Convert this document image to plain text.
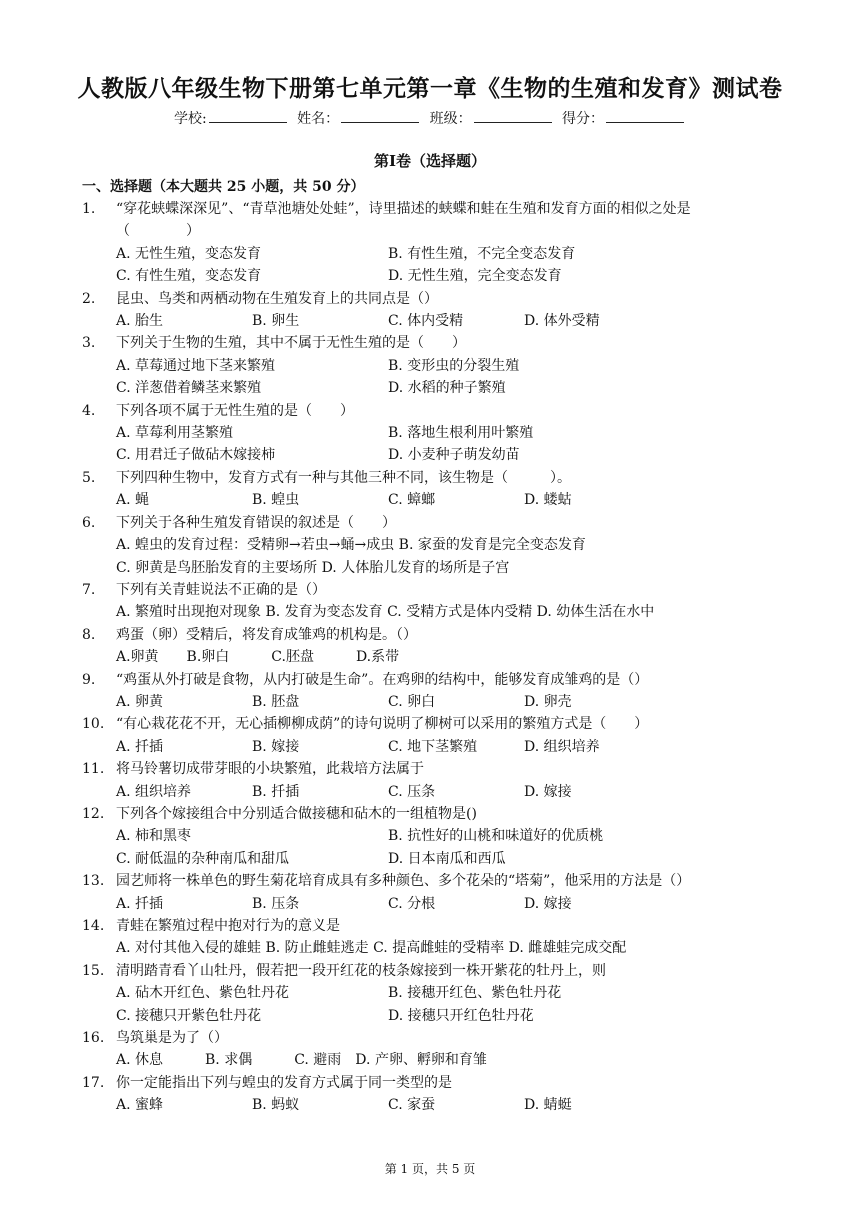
人教版八年级生物下册第七单元第一章《生物的生殖和发育》测试卷
学校:	姓名：	班级：	得分：
第Ⅰ卷（选择题）
一、选择题（本大题共 25 小题，共 50 分）
1.	“穿花蛱蝶深深见”、“青草池塘处处蛙”，诗里描述的蛱蝶和蛙在生殖和发育方面的相似之处是
（　　　　）
A. 无性生殖，变态发育	B. 有性生殖，不完全变态发育
C. 有性生殖，变态发育	D. 无性生殖，完全变态发育
2.	昆虫、鸟类和两栖动物在生殖发育上的共同点是（）
A. 胎生	B. 卵生	C. 体内受精	D. 体外受精
3.	下列关于生物的生殖，其中不属于无性生殖的是（　　）
A. 草莓通过地下茎来繁殖	B. 变形虫的分裂生殖
C. 洋葱借着鳞茎来繁殖	D. 水稻的种子繁殖
4.	下列各项不属于无性生殖的是（　　）
A. 草莓利用茎繁殖	B. 落地生根利用叶繁殖
C. 用君迁子做砧木嫁接柿	D. 小麦种子萌发幼苗
5.	下列四种生物中，发育方式有一种与其他三种不同，该生物是（　　　）。
A. 蝇	B. 蝗虫	C. 蟑螂	D. 蝼蛄
6.	下列关于各种生殖发育错误的叙述是（　　）
A. 蝗虫的发育过程：受精卵→若虫→蛹→成虫 B. 家蚕的发育是完全变态发育
C. 卵黄是鸟胚胎发育的主要场所 D. 人体胎儿发育的场所是子宫
7.	下列有关青蛙说法不正确的是（）
A. 繁殖时出现抱对现象 B. 发育为变态发育 C. 受精方式是体内受精 D. 幼体生活在水中
8.	鸡蛋（卵）受精后，将发育成雏鸡的机构是。（）
A.卵黄　　B.卵白　　　C.胚盘　　　D.系带
9.	“鸡蛋从外打破是食物，从内打破是生命”。在鸡卵的结构中，能够发育成雏鸡的是（）
A. 卵黄	B. 胚盘	C. 卵白	D. 卵壳
10. “有心栽花花不开，无心插柳柳成荫”的诗句说明了柳树可以采用的繁殖方式是（　　）
A. 扦插	B. 嫁接	C. 地下茎繁殖	D. 组织培养
11. 将马铃薯切成带芽眼的小块繁殖，此栽培方法属于
A. 组织培养	B. 扦插	C. 压条	D. 嫁接
12. 下列各个嫁接组合中分别适合做接穗和砧木的一组植物是()
A. 柿和黑枣	B. 抗性好的山桃和味道好的优质桃
C. 耐低温的杂种南瓜和甜瓜	D. 日本南瓜和西瓜
13. 园艺师将一株单色的野生菊花培育成具有多种颜色、多个花朵的“塔菊”，他采用的方法是（）
A. 扦插	B. 压条	C. 分根	D. 嫁接
14. 青蛙在繁殖过程中抱对行为的意义是
A. 对付其他入侵的雄蛙 B. 防止雌蛙逃走 C. 提高雌蛙的受精率 D. 雌雄蛙完成交配
15. 清明踏青看丫山牡丹，假若把一段开红花的枝条嫁接到一株开紫花的牡丹上，则
A. 砧木开红色、紫色牡丹花	B. 接穗开红色、紫色牡丹花
C. 接穗只开紫色牡丹花	D. 接穗只开红色牡丹花
16. 鸟筑巢是为了（）
A. 休息　　　B. 求偶　　　C. 避雨　D. 产卵、孵卵和育雏
17. 你一定能指出下列与蝗虫的发育方式属于同一类型的是
A. 蜜蜂	B. 蚂蚁	C. 家蚕	D. 蜻蜓
第 1 页，共 5 页
